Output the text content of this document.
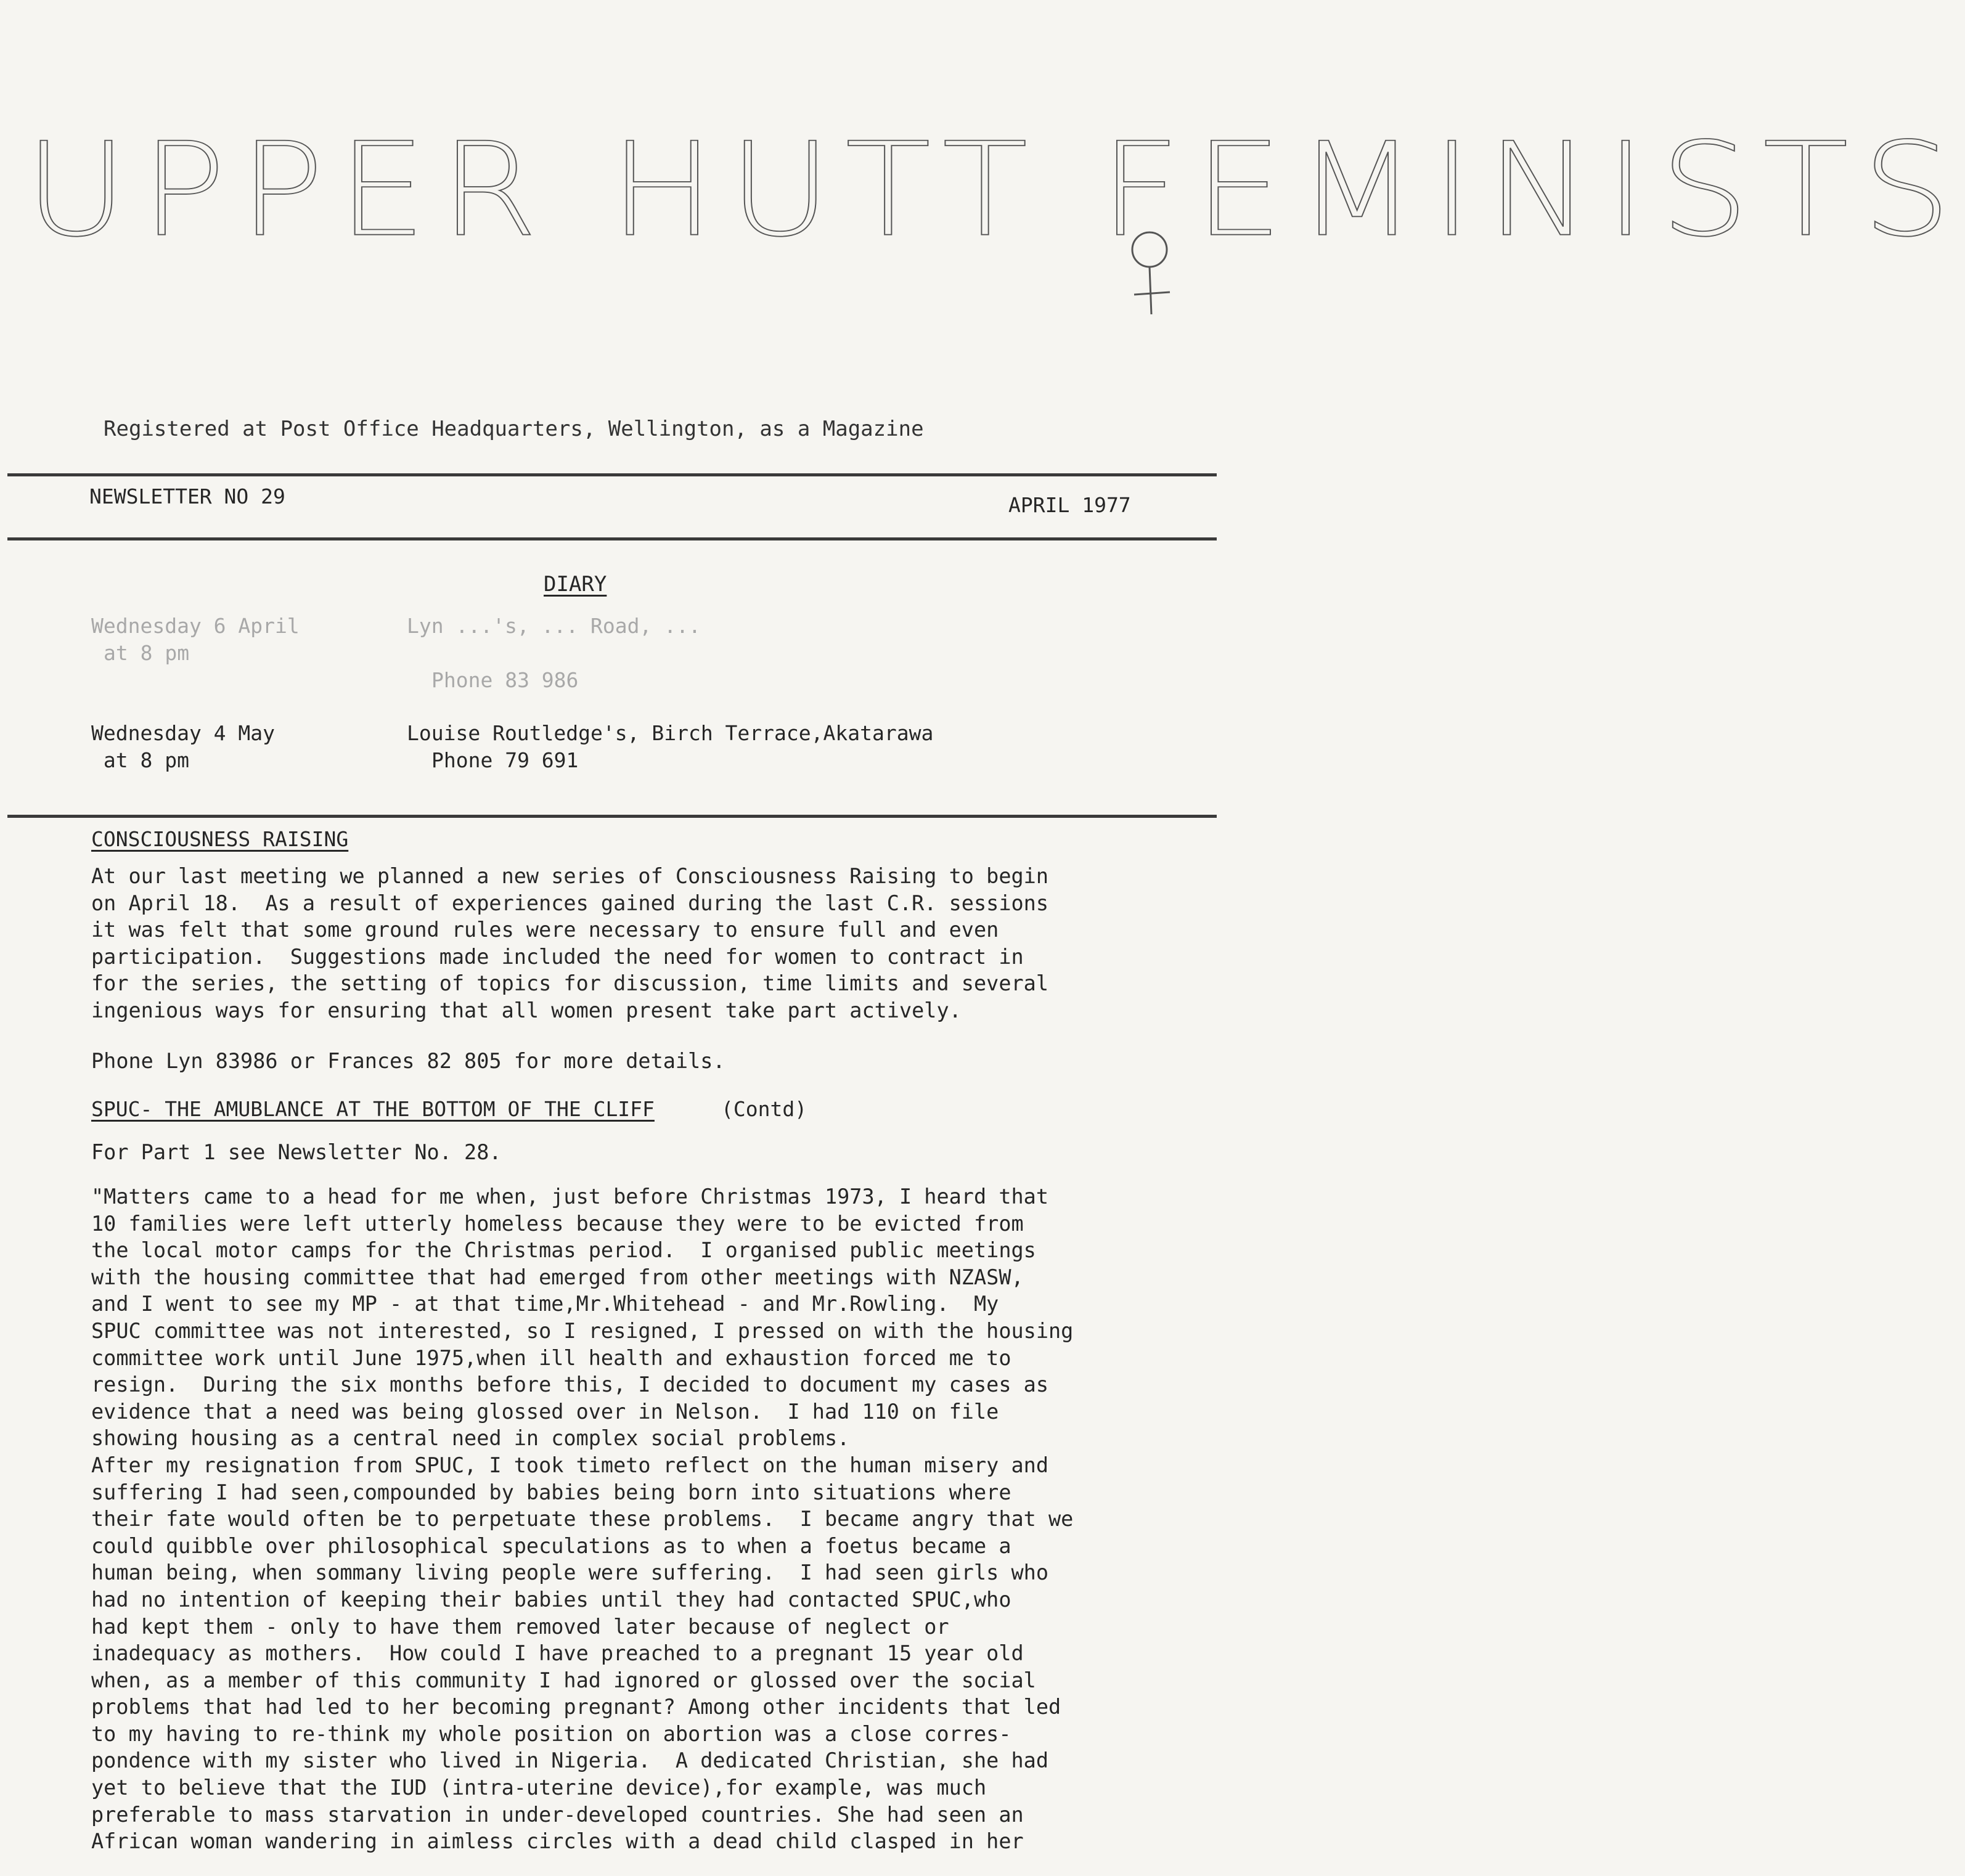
UPPER HUTT FEMINISTS
Registered at Post Office Headquarters, Wellington, as a Magazine
NEWSLETTER NO 29	APRIL 1977
DIARY
Wednesday 6 April
at 8 pm
Lyn ...'s, ... Road, ...
Phone 83 986
Wednesday 4 May
at 8 pm
Louise Routledge's, Birch Terrace,Akatarawa
Phone 79 691
CONSCIOUSNESS RAISING
At our last meeting we planned a new series of Consciousness Raising to begin
on April 18.  As a result of experiences gained during the last C.R. sessions
it was felt that some ground rules were necessary to ensure full and even
participation.  Suggestions made included the need for women to contract in
for the series, the setting of topics for discussion, time limits and several
ingenious ways for ensuring that all women present take part actively.
Phone Lyn 83986 or Frances 82 805 for more details.
SPUC- THE AMUBLANCE AT THE BOTTOM OF THE CLIFF	(Contd)
For Part 1 see Newsletter No. 28.
"Matters came to a head for me when, just before Christmas 1973, I heard that
10 families were left utterly homeless because they were to be evicted from
the local motor camps for the Christmas period.  I organised public meetings
with the housing committee that had emerged from other meetings with NZASW,
and I went to see my MP - at that time,Mr.Whitehead - and Mr.Rowling.  My
SPUC committee was not interested, so I resigned, I pressed on with the housing
committee work until June 1975,when ill health and exhaustion forced me to
resign.  During the six months before this, I decided to document my cases as
evidence that a need was being glossed over in Nelson.  I had 110 on file
showing housing as a central need in complex social problems.
After my resignation from SPUC, I took timeto reflect on the human misery and
suffering I had seen,compounded by babies being born into situations where
their fate would often be to perpetuate these problems.  I became angry that we
could quibble over philosophical speculations as to when a foetus became a
human being, when sommany living people were suffering.  I had seen girls who
had no intention of keeping their babies until they had contacted SPUC,who
had kept them - only to have them removed later because of neglect or
inadequacy as mothers.  How could I have preached to a pregnant 15 year old
when, as a member of this community I had ignored or glossed over the social
problems that had led to her becoming pregnant? Among other incidents that led
to my having to re-think my whole position on abortion was a close corres-
pondence with my sister who lived in Nigeria.  A dedicated Christian, she had
yet to believe that the IUD (intra-uterine device),for example, was much
preferable to mass starvation in under-developed countries. She had seen an
African woman wandering in aimless circles with a dead child clasped in her
